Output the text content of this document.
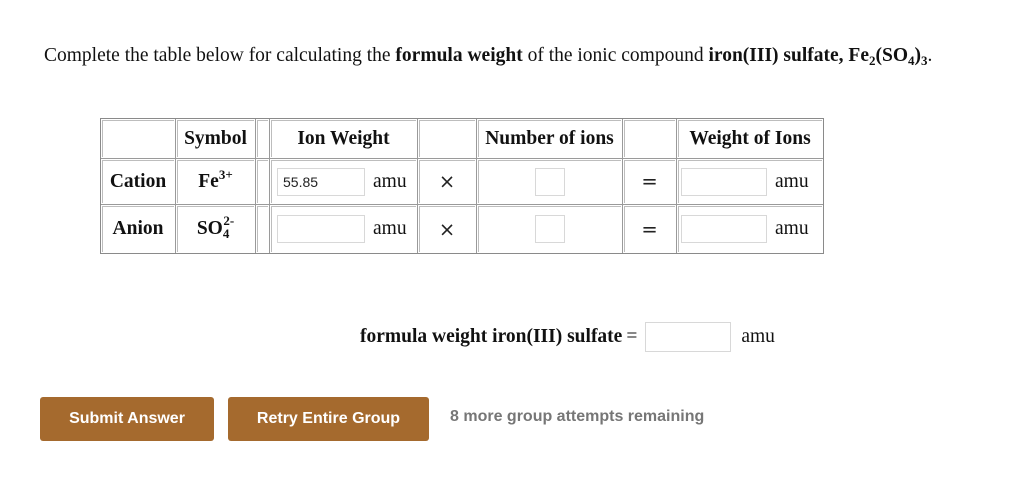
Complete the table below for calculating the formula weight of the ionic compound iron(III) sulfate, $Fe_2(SO_4)_3$.
	Symbol		Ion Weight		Number of ions		Weight of Ions
Cation	$Fe^{3+}$		55.85 amu	×		=	amu

Anion	$SO_4^{2-}$		amu	×		=	amu
formula weight iron(III) sulfate =	amu
Submit Answer	Retry Entire Group	8 more group attempts remaining
